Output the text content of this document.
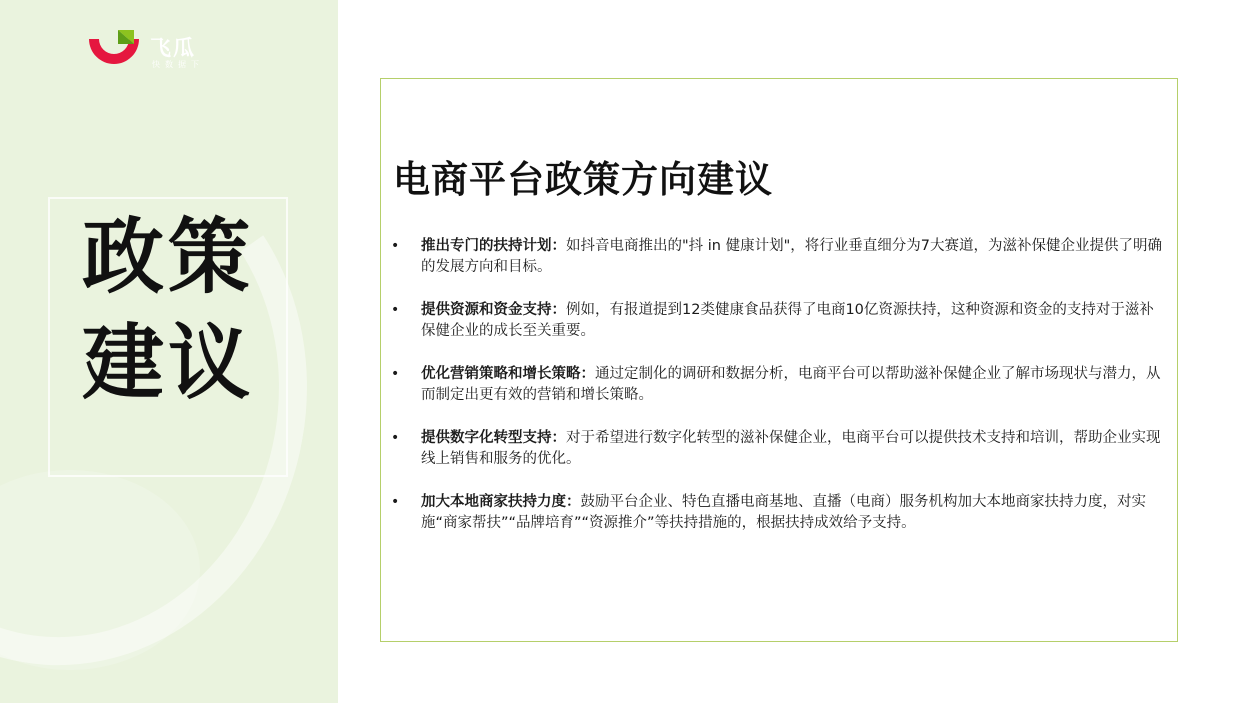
飞瓜
快数据下
政策
建议
电商平台政策方向建议
• 推出专门的扶持计划：如抖音电商推出的"抖 in 健康计划"，将行业垂直细分为7大赛道，为滋补保健企业提供了明确的发展方向和目标。
• 提供资源和资金支持：例如，有报道提到12类健康食品获得了电商10亿资源扶持，这种资源和资金的支持对于滋补保健企业的成长至关重要。
• 优化营销策略和增长策略：通过定制化的调研和数据分析，电商平台可以帮助滋补保健企业了解市场现状与潜力，从而制定出更有效的营销和增长策略。
• 提供数字化转型支持：对于希望进行数字化转型的滋补保健企业，电商平台可以提供技术支持和培训，帮助企业实现线上销售和服务的优化。
• 加大本地商家扶持力度：鼓励平台企业、特色直播电商基地、直播（电商）服务机构加大本地商家扶持力度，对实施“商家帮扶”“品牌培育”“资源推介”等扶持措施的，根据扶持成效给予支持。
